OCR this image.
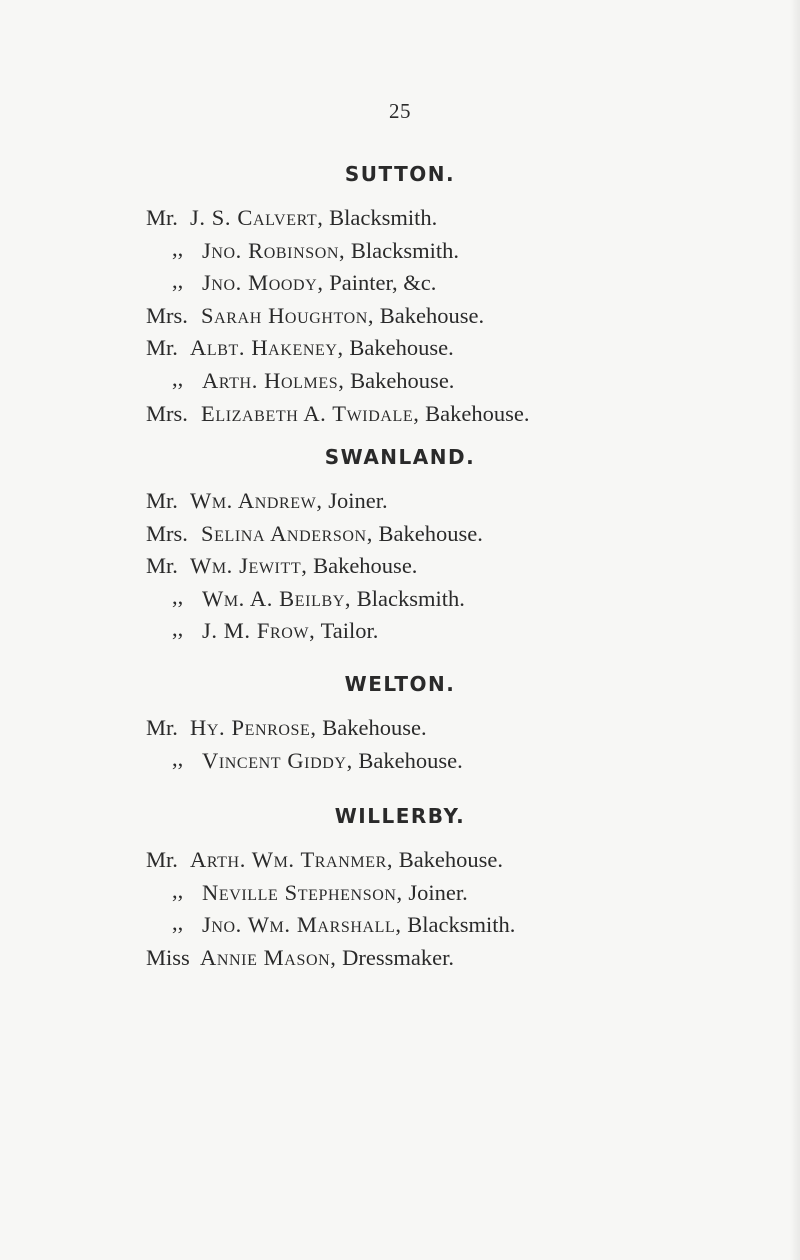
25
SUTTON.
Mr. J. S. Calvert, Blacksmith.
,, Jno. Robinson, Blacksmith.
,, Jno. Moody, Painter, &c.
Mrs. Sarah Houghton, Bakehouse.
Mr. Albt. Hakeney, Bakehouse.
,, Arth. Holmes, Bakehouse.
Mrs. Elizabeth A. Twidale, Bakehouse.
SWANLAND.
Mr. Wm. Andrew, Joiner.
Mrs. Selina Anderson, Bakehouse.
Mr. Wm. Jewitt, Bakehouse.
,, Wm. A. Beilby, Blacksmith.
,, J. M. Frow, Tailor.
WELTON.
Mr. Hy. Penrose, Bakehouse.
,, Vincent Giddy, Bakehouse.
WILLERBY.
Mr. Arth. Wm. Tranmer, Bakehouse.
,, Neville Stephenson, Joiner.
,, Jno. Wm. Marshall, Blacksmith.
Miss Annie Mason, Dressmaker.
